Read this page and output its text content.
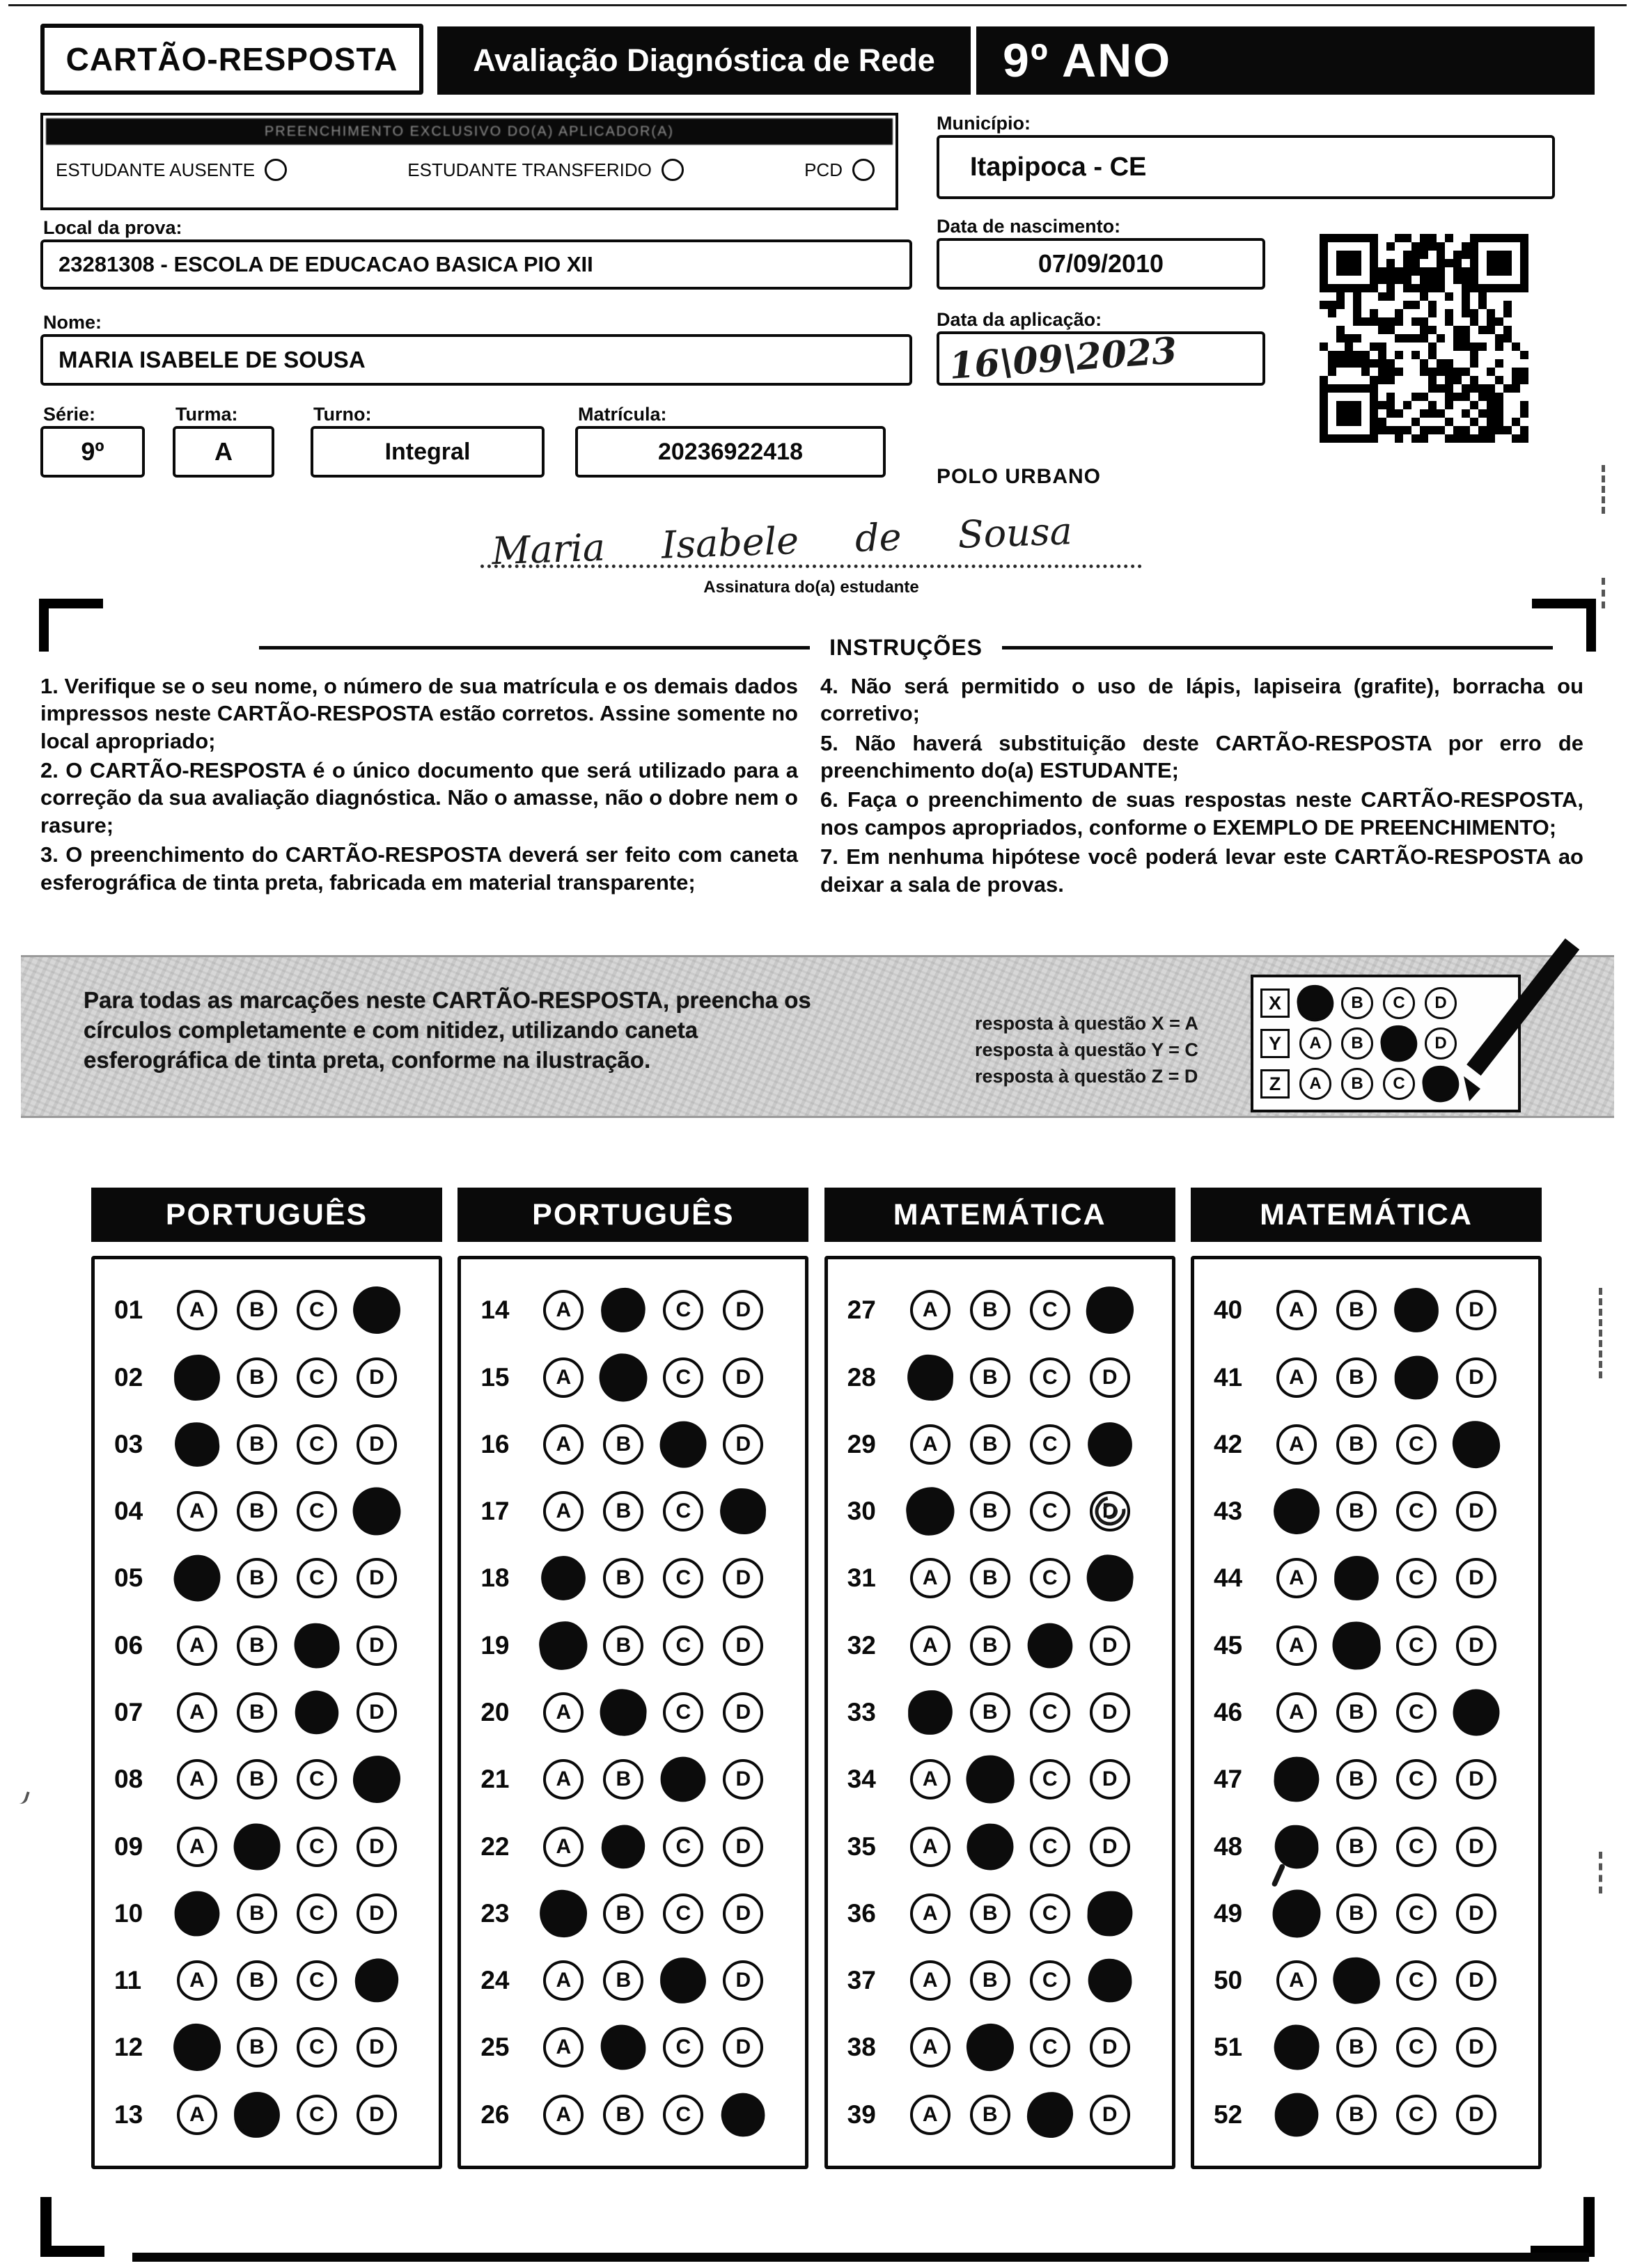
CARTÃO-RESPOSTA	Avaliação Diagnóstica de Rede	9º ANO
PREENCHIMENTO EXCLUSIVO DO(A) APLICADOR(A)
ESTUDANTE AUSENTE	ESTUDANTE TRANSFERIDO	PCD
Local da prova:
23281308 - ESCOLA DE EDUCACAO BASICA PIO XII
Nome:
MARIA ISABELE DE SOUSA
Série:
9º
Turma:
A
Turno:
Integral
Matrícula:
20236922418
Município:
Itapipoca - CE
Data de nascimento:
07/09/2010
Data da aplicação:
16\09\2023
POLO URBANO
Maria Isabele de Sousa
Assinatura do(a) estudante
INSTRUÇÕES

1. Verifique se o seu nome, o número de sua matrícula e os demais dados impressos neste CARTÃO-RESPOSTA estão corretos. Assine somente no local apropriado;

2. O CARTÃO-RESPOSTA é o único documento que será utilizado para a correção da sua avaliação diagnóstica. Não o amasse, não o dobre nem o rasure;

3. O preenchimento do CARTÃO-RESPOSTA deverá ser feito com caneta esferográfica de tinta preta, fabricada em material transparente;

4. Não será permitido o uso de lápis, lapiseira (grafite), borracha ou corretivo;

5. Não haverá substituição deste CARTÃO-RESPOSTA por erro de preenchimento do(a) ESTUDANTE;

6. Faça o preenchimento de suas respostas neste CARTÃO-RESPOSTA, nos campos apropriados, conforme o EXEMPLO DE PREENCHIMENTO;

7. Em nenhuma hipótese você poderá levar este CARTÃO-RESPOSTA ao deixar a sala de provas.

Para todas as marcações neste CARTÃO-RESPOSTA, preencha os círculos completamente e com nitidez, utilizando caneta esferográfica de tinta preta, conforme na ilustração.
resposta à questão X = A
resposta à questão Y = C
resposta à questão Z = D
X	B	C	D
Y	A	B	D
Z	A	B	C
PORTUGUÊS
01	A	B	C
02	B	C	D
03	B	C	D
04	A	B	C
05	B	C	D
06	A	B	D
07	A	B	D
08	A	B	C
09	A	C	D
10	B	C	D
11	A	B	C
12	B	C	D
13	A	C	D
PORTUGUÊS
14	A	C	D
15	A	C	D
16	A	B	D
17	A	B	C
18	B	C	D
19	B	C	D
20	A	C	D
21	A	B	D
22	A	C	D
23	B	C	D
24	A	B	D
25	A	C	D
26	A	B	C
MATEMÁTICA
27	A	B	C
28	B	C	D
29	A	B	C
30	B	C	D
31	A	B	C
32	A	B	D
33	B	C	D
34	A	C	D
35	A	C	D
36	A	B	C
37	A	B	C
38	A	C	D
39	A	B	D
MATEMÁTICA
40	A	B	D
41	A	B	D
42	A	B	C
43	B	C	D
44	A	C	D
45	A	C	D
46	A	B	C
47	B	C	D
48	B	C	D
49	B	C	D
50	A	C	D
51	B	C	D
52	B	C	D
